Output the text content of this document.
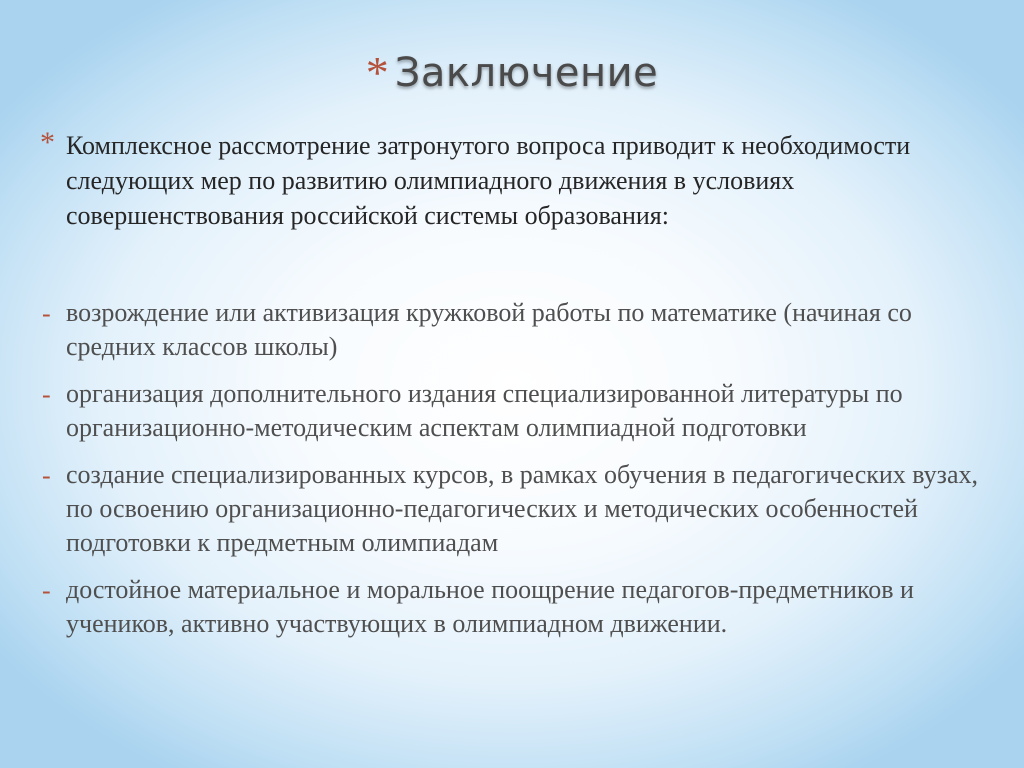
* Заключение
* Комплексное рассмотрение затронутого вопроса приводит к необходимости следующих мер по развитию олимпиадного движения в условиях совершенствования российской системы образования:
- возрождение или активизация кружковой работы по математике (начиная со средних классов школы)
- организация дополнительного издания специализированной литературы по организационно-методическим аспектам олимпиадной подготовки
- создание специализированных курсов, в рамках обучения в педагогических вузах, по освоению организационно-педагогических и методических особенностей подготовки к предметным олимпиадам
- достойное материальное и моральное поощрение педагогов-предметников и учеников, активно участвующих в олимпиадном движении.
